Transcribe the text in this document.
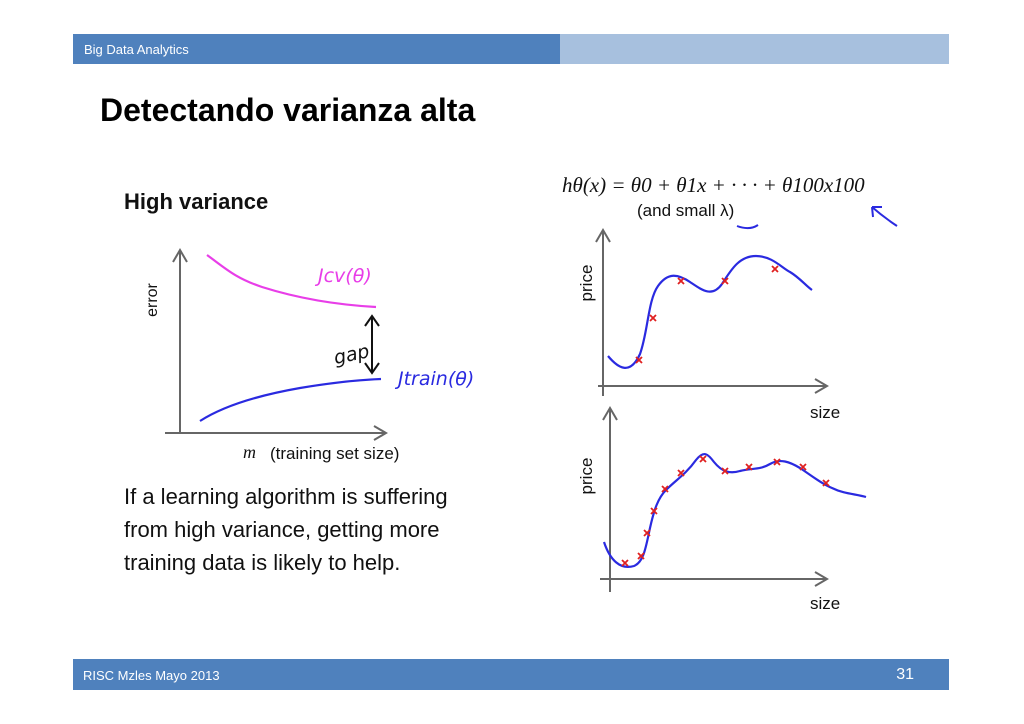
Big Data Analytics
Detectando varianza alta
High variance
error
m (training set size)
Jcv(θ)
Jtrain(θ)
gap
If a learning algorithm is suffering
from high variance, getting more
training data is likely to help.
hθ(x) = θ0 + θ1x + · · · + θ100x100
(and small λ)
price
size
price
size
RISC Mzles Mayo 2013	31
